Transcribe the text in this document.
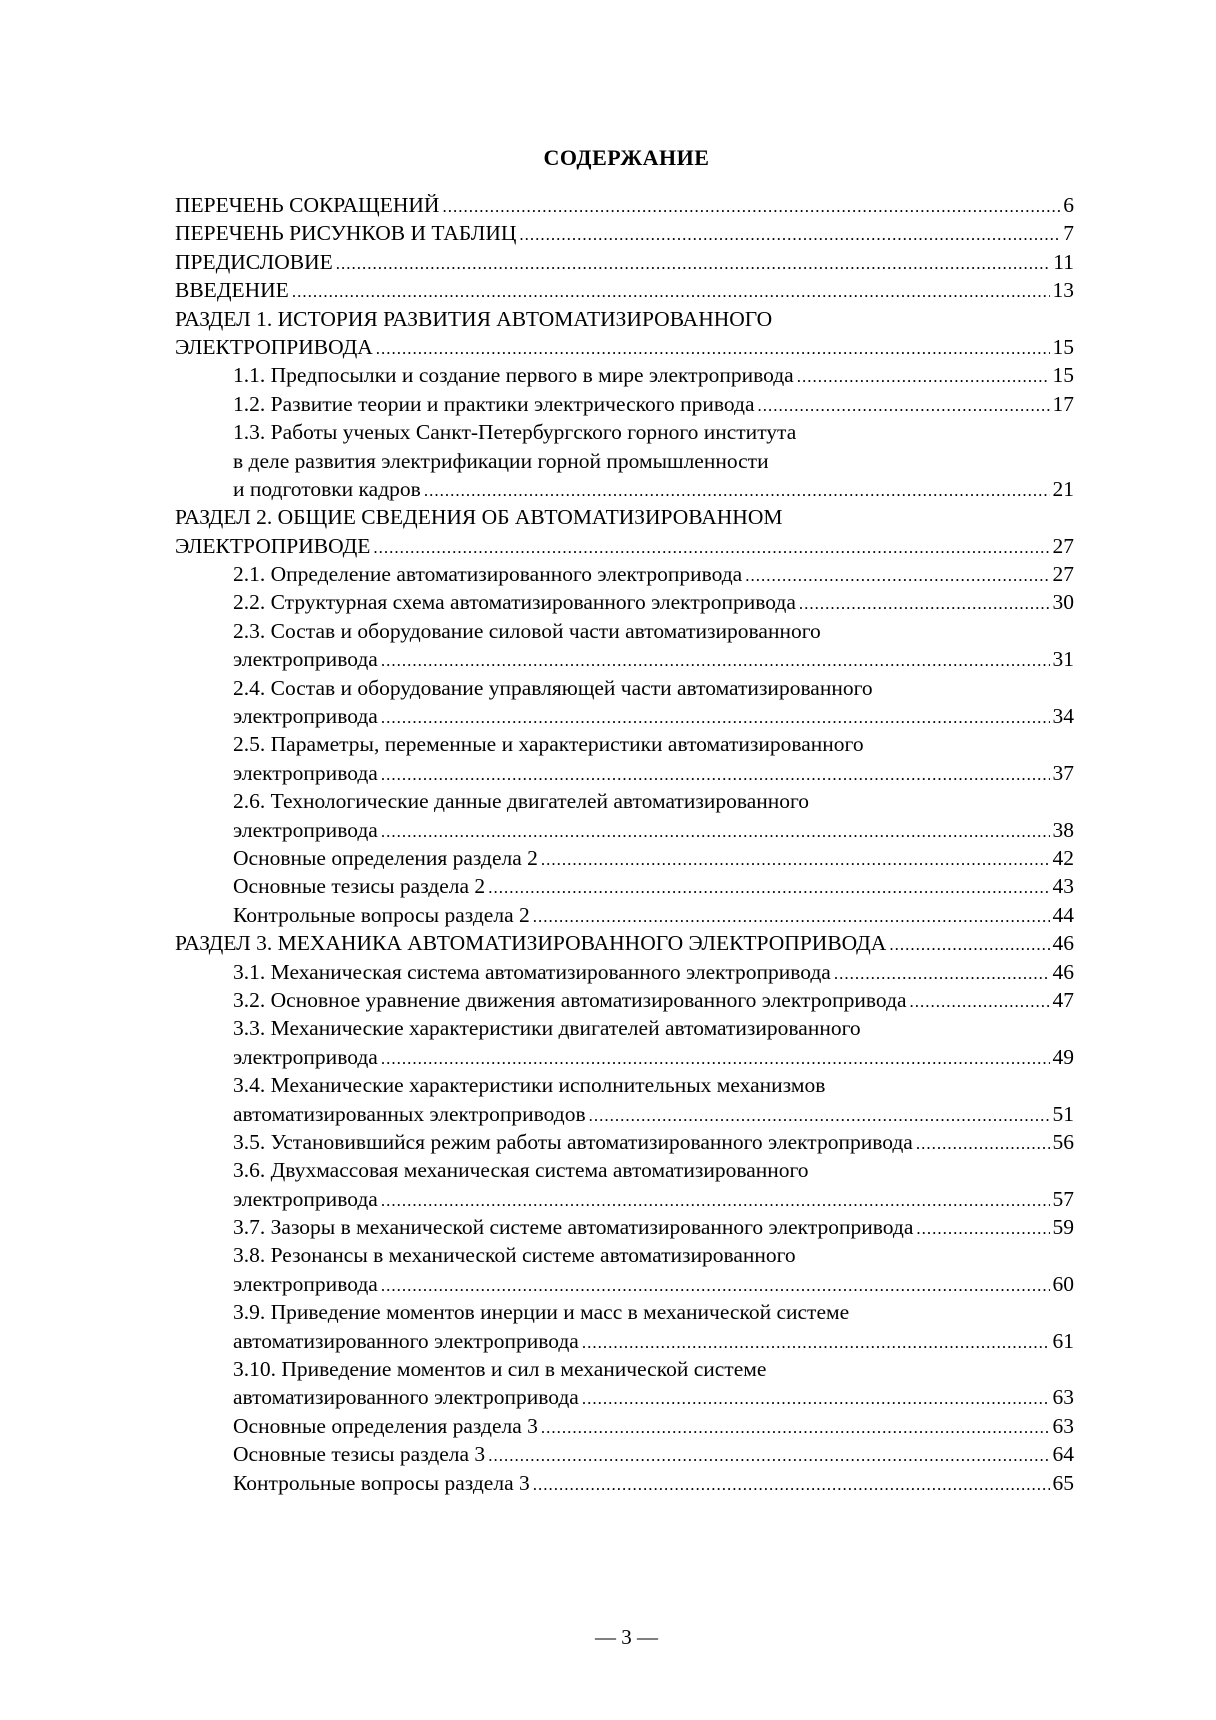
СОДЕРЖАНИЕ
ПЕРЕЧЕНЬ СОКРАЩЕНИЙ .....	6
ПЕРЕЧЕНЬ РИСУНКОВ И ТАБЛИЦ .....	7
ПРЕДИСЛОВИЕ .....	11
ВВЕДЕНИЕ .....	13
РАЗДЕЛ 1. ИСТОРИЯ РАЗВИТИЯ АВТОМАТИЗИРОВАННОГО
ЭЛЕКТРОПРИВОДА .....	15
1.1. Предпосылки и создание первого в мире электропривода .....	15
1.2. Развитие теории и практики электрического привода .....	17
1.3. Работы ученых Санкт-Петербургского горного института
в деле развития электрификации горной промышленности
и подготовки кадров .....	21
РАЗДЕЛ 2. ОБЩИЕ СВЕДЕНИЯ ОБ АВТОМАТИЗИРОВАННОМ
ЭЛЕКТРОПРИВОДЕ .....	27
2.1. Определение автоматизированного электропривода .....	27
2.2. Структурная схема автоматизированного электропривода .....	30
2.3. Состав и оборудование силовой части автоматизированного
электропривода .....	31
2.4. Состав и оборудование управляющей части автоматизированного
электропривода .....	34
2.5. Параметры, переменные и характеристики автоматизированного
электропривода .....	37
2.6. Технологические данные двигателей автоматизированного
электропривода .....	38
Основные определения раздела 2 .....	42
Основные тезисы раздела 2 .....	43
Контрольные вопросы раздела 2 .....	44
РАЗДЕЛ 3. МЕХАНИКА АВТОМАТИЗИРОВАННОГО ЭЛЕКТРОПРИВОДА .....	46
3.1. Механическая система автоматизированного электропривода .....	46
3.2. Основное уравнение движения автоматизированного электропривода .....	47
3.3. Механические характеристики двигателей автоматизированного
электропривода .....	49
3.4. Механические характеристики исполнительных механизмов
автоматизированных электроприводов .....	51
3.5. Установившийся режим работы автоматизированного электропривода .....	56
3.6. Двухмассовая механическая система автоматизированного
электропривода .....	57
3.7. Зазоры в механической системе автоматизированного электропривода .....	59
3.8. Резонансы в механической системе автоматизированного
электропривода .....	60
3.9. Приведение моментов инерции и масс в механической системе
автоматизированного электропривода .....	61
3.10. Приведение моментов и сил в механической системе
автоматизированного электропривода .....	63
Основные определения раздела 3 .....	63
Основные тезисы раздела 3 .....	64
Контрольные вопросы раздела 3 .....	65
— 3 —
